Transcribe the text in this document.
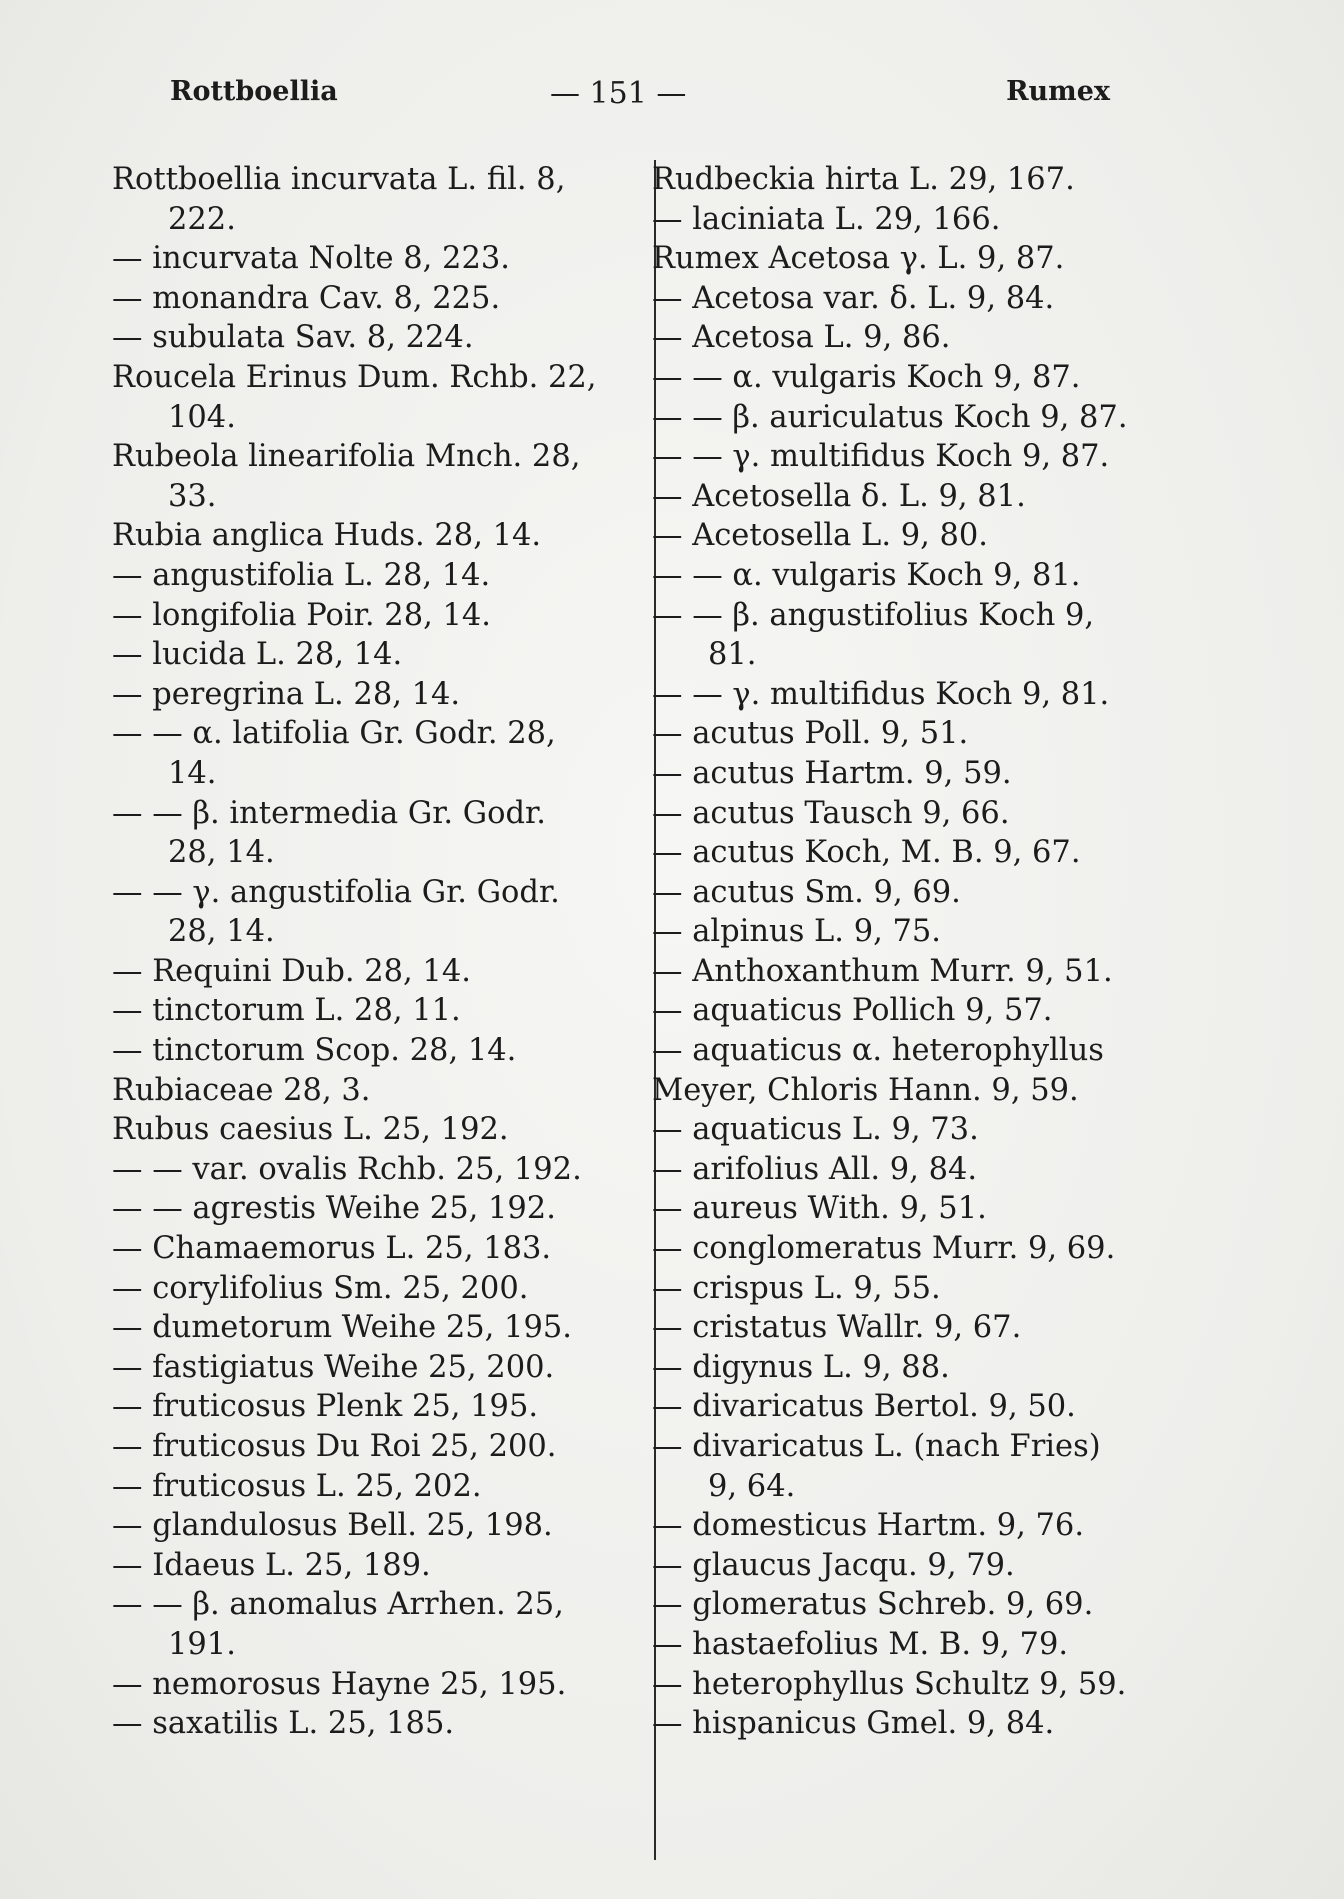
Rottboellia	— 151 —	Rumex
Rottboellia incurvata L. fil. 8,
222.
— incurvata Nolte 8, 223.
— monandra Cav. 8, 225.
— subulata Sav. 8, 224.
Roucela Erinus Dum. Rchb. 22,
104.
Rubeola linearifolia Mnch. 28,
33.
Rubia anglica Huds. 28, 14.
— angustifolia L. 28, 14.
— longifolia Poir. 28, 14.
— lucida L. 28, 14.
— peregrina L. 28, 14.
— — α. latifolia Gr. Godr. 28,
14.
— — β. intermedia Gr. Godr.
28, 14.
— — γ. angustifolia Gr. Godr.
28, 14.
— Requini Dub. 28, 14.
— tinctorum L. 28, 11.
— tinctorum Scop. 28, 14.
Rubiaceae 28, 3.
Rubus caesius L. 25, 192.
— — var. ovalis Rchb. 25, 192.
— — agrestis Weihe 25, 192.
— Chamaemorus L. 25, 183.
— corylifolius Sm. 25, 200.
— dumetorum Weihe 25, 195.
— fastigiatus Weihe 25, 200.
— fruticosus Plenk 25, 195.
— fruticosus Du Roi 25, 200.
— fruticosus L. 25, 202.
— glandulosus Bell. 25, 198.
— Idaeus L. 25, 189.
— — β. anomalus Arrhen. 25,
191.
— nemorosus Hayne 25, 195.
— saxatilis L. 25, 185.
Rudbeckia hirta L. 29, 167.
— laciniata L. 29, 166.
Rumex Acetosa γ. L. 9, 87.
— Acetosa var. δ. L. 9, 84.
— Acetosa L. 9, 86.
— — α. vulgaris Koch 9, 87.
— — β. auriculatus Koch 9, 87.
— — γ. multifidus Koch 9, 87.
— Acetosella δ. L. 9, 81.
— Acetosella L. 9, 80.
— — α. vulgaris Koch 9, 81.
— — β. angustifolius Koch 9,
81.
— — γ. multifidus Koch 9, 81.
— acutus Poll. 9, 51.
— acutus Hartm. 9, 59.
— acutus Tausch 9, 66.
— acutus Koch, M. B. 9, 67.
— acutus Sm. 9, 69.
— alpinus L. 9, 75.
— Anthoxanthum Murr. 9, 51.
— aquaticus Pollich 9, 57.
— aquaticus α. heterophyllus
Meyer, Chloris Hann. 9, 59.
— aquaticus L. 9, 73.
— arifolius All. 9, 84.
— aureus With. 9, 51.
— conglomeratus Murr. 9, 69.
— crispus L. 9, 55.
— cristatus Wallr. 9, 67.
— digynus L. 9, 88.
— divaricatus Bertol. 9, 50.
— divaricatus L. (nach Fries)
9, 64.
— domesticus Hartm. 9, 76.
— glaucus Jacqu. 9, 79.
— glomeratus Schreb. 9, 69.
— hastaefolius M. B. 9, 79.
— heterophyllus Schultz 9, 59.
— hispanicus Gmel. 9, 84.
